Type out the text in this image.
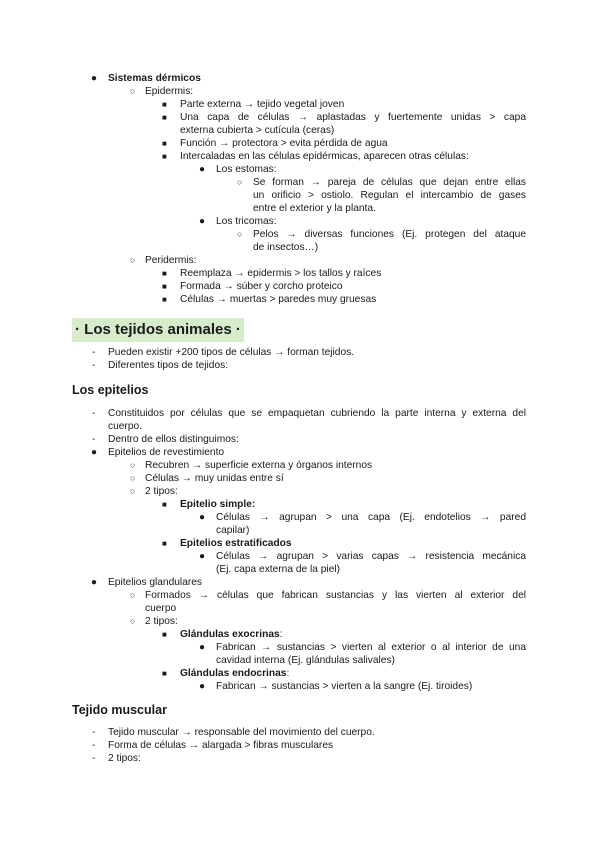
● Sistemas dérmicos
○ Epidermis:
■ Parte externa → tejido vegetal joven
■ Una capa de células → aplastadas y fuertemente unidas > capa
externa cubierta > cutícula (ceras)
■ Función → protectora > evita pérdida de agua
■ Intercaladas en las células epidérmicas, aparecen otras células:
● Los estomas:
○ Se forman → pareja de células que dejan entre ellas
un orificio > ostiolo. Regulan el intercambio de gases
entre el exterior y la planta.
● Los tricomas:
○ Pelos → diversas funciones (Ej. protegen del ataque
de insectos…)
○ Peridermis:
■ Reemplaza → epidermis > los tallos y raíces
■ Formada → súber y corcho proteico
■ Células → muertas > paredes muy gruesas
· Los tejidos animales ·
- Pueden existir +200 tipos de células → forman tejidos.
- Diferentes tipos de tejidos:
Los epitelios
- Constituidos por células que se empaquetan cubriendo la parte interna y externa del
cuerpo.
- Dentro de ellos distinguimos:
● Epitelios de revestimiento
○ Recubren → superficie externa y órganos internos
○ Células → muy unidas entre sí
○ 2 tipos:
■ Epitelio simple:
● Células → agrupan > una capa (Ej. endotelios → pared
capilar)
■ Epitelios estratificados
● Células → agrupan > varias capas → resistencia mecánica
(Ej. capa externa de la piel)
● Epitelios glandulares
○ Formados → células que fabrican sustancias y las vierten al exterior del
cuerpo
○ 2 tipos:
■ Glándulas exocrinas:
● Fabrican → sustancias > vierten al exterior o al interior de una
cavidad interna (Ej. glándulas salivales)
■ Glándulas endocrinas:
● Fabrican → sustancias > vierten a la sangre (Ej. tiroides)
Tejido muscular
- Tejido muscular → responsable del movimiento del cuerpo.
- Forma de células → alargada > fibras musculares
- 2 tipos:
